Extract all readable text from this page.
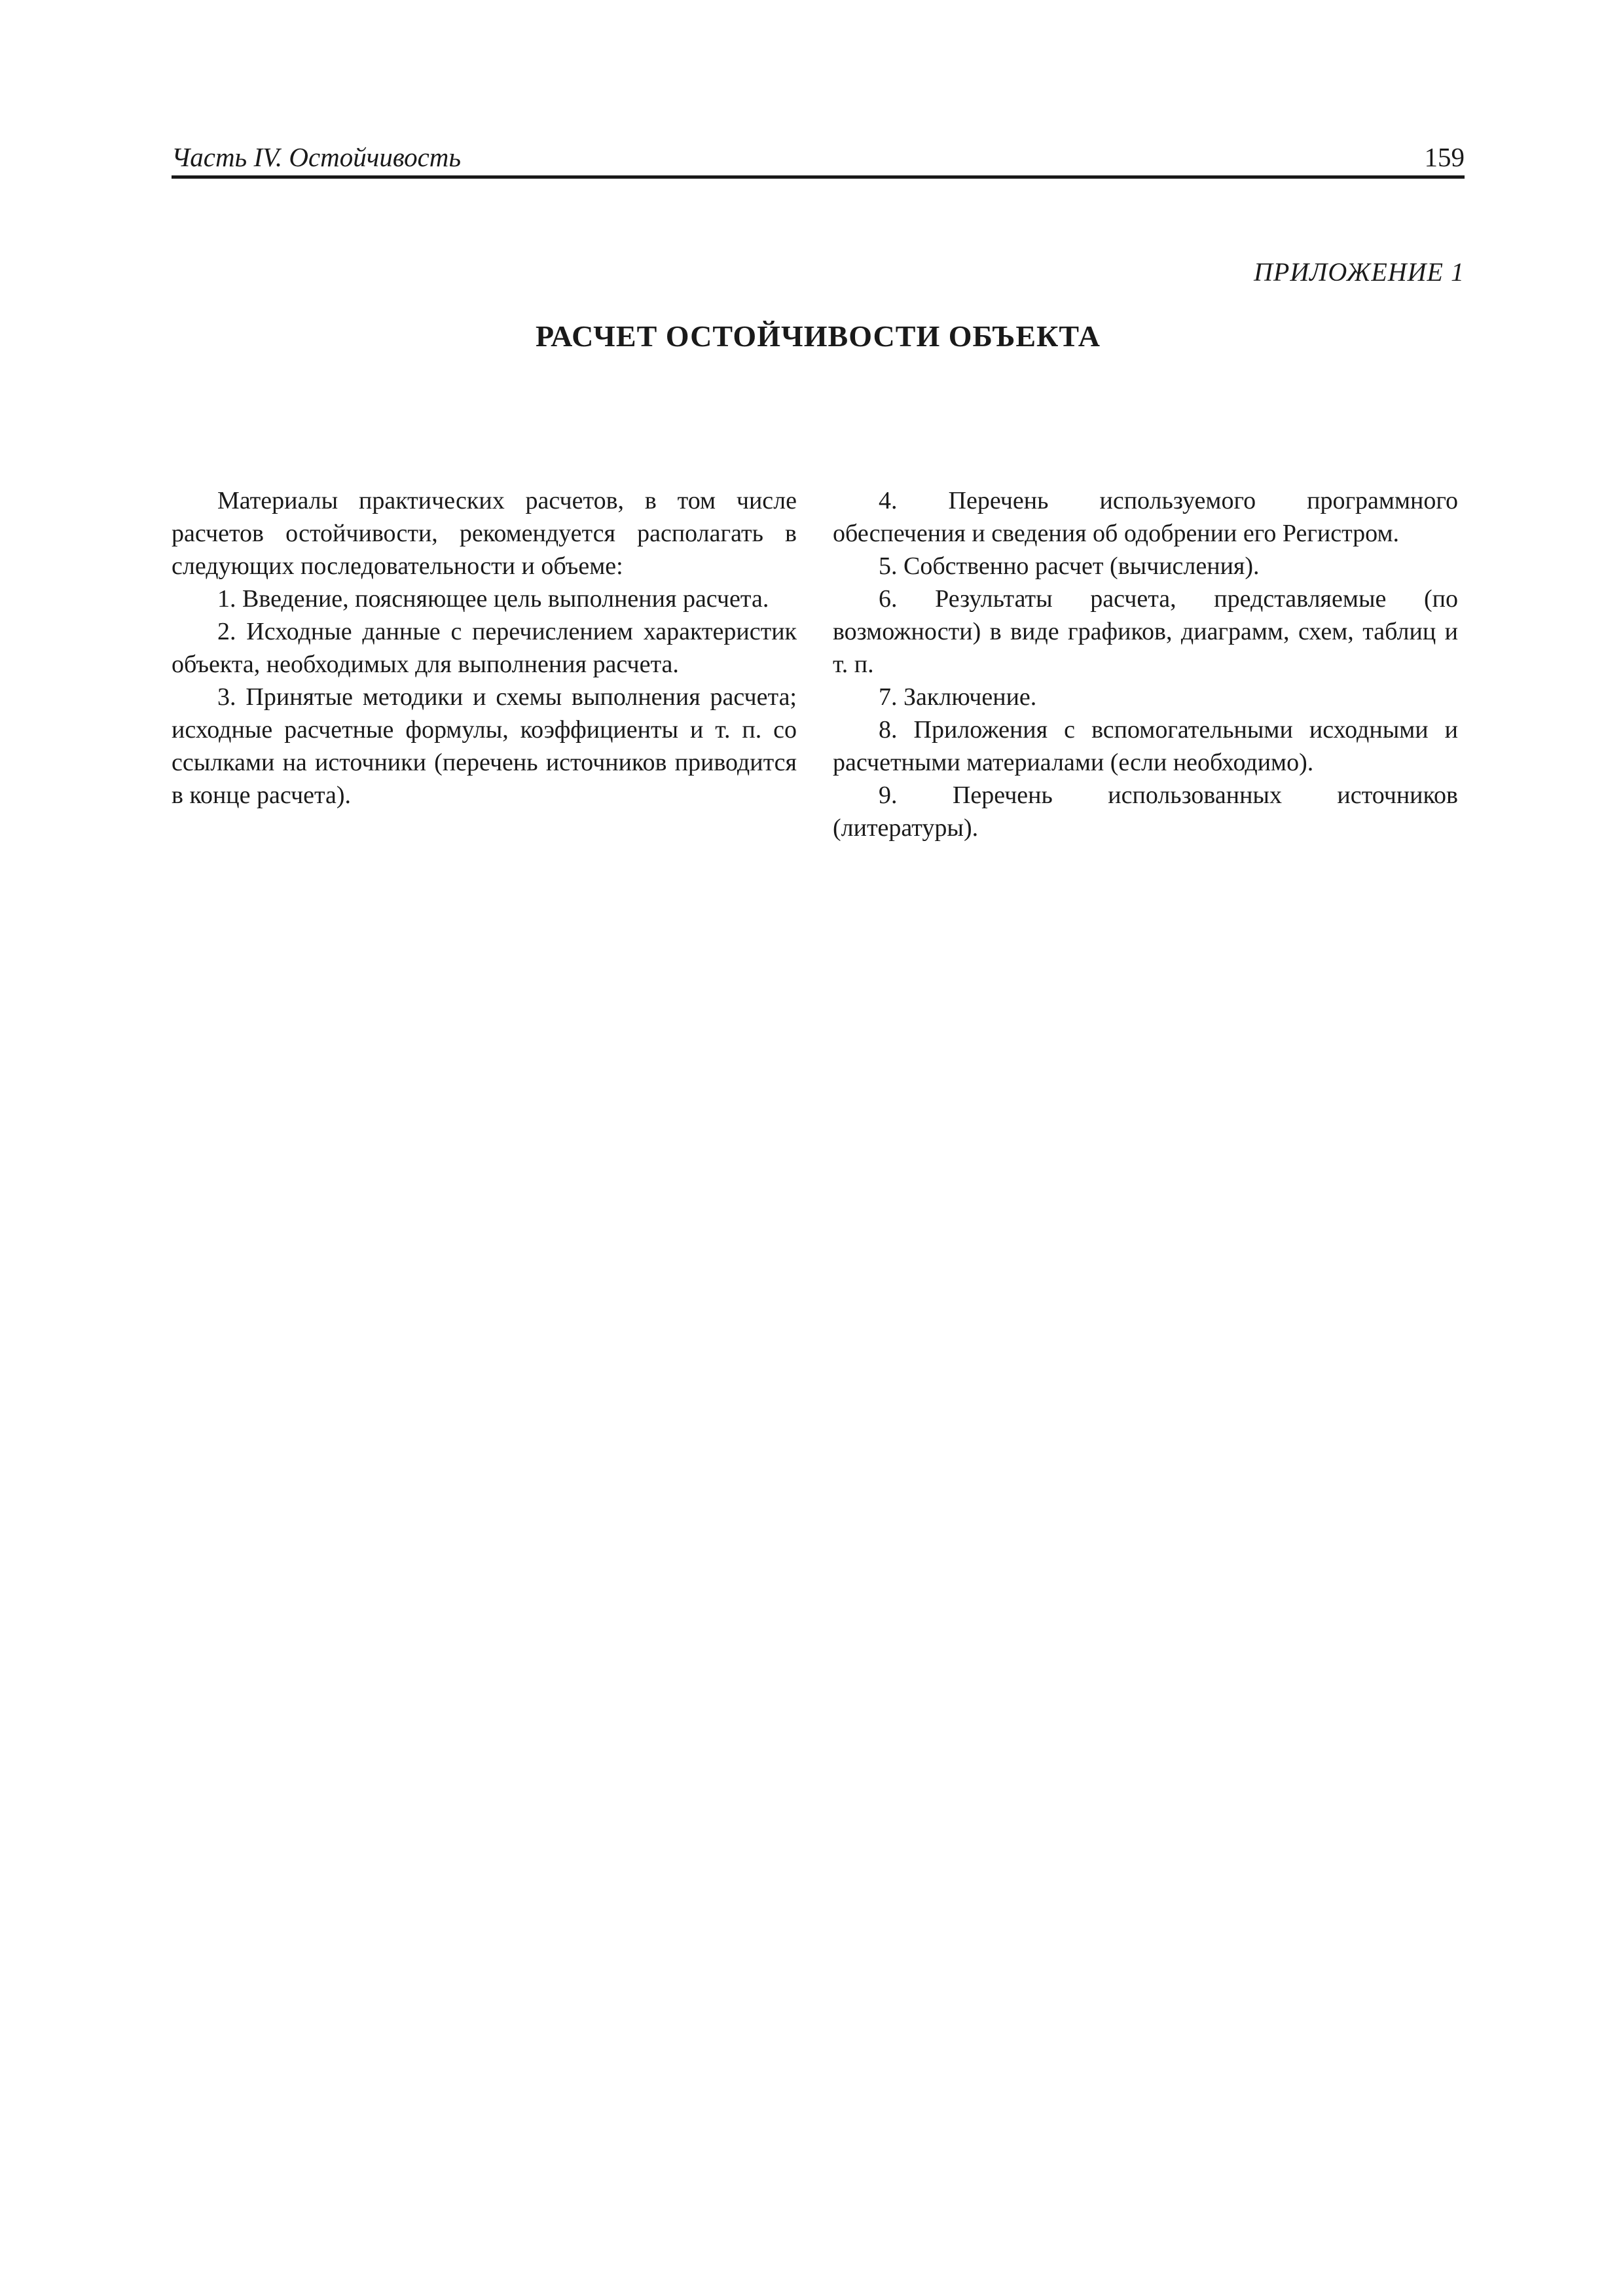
Часть IV. Остойчивость	159
ПРИЛОЖЕНИЕ 1
РАСЧЕТ ОСТОЙЧИВОСТИ ОБЪЕКТА

Материалы практических расчетов, в том числе расчетов остойчивости, рекомендуется располагать в следующих последовательности и объеме:

1. Введение, поясняющее цель выполнения расчета.

2. Исходные данные с перечислением характеристик объекта, необходимых для выполнения расчета.

3. Принятые методики и схемы выполнения расчета; исходные расчетные формулы, коэффициенты и т. п. со ссылками на источники (перечень источников приводится в конце расчета).

4. Перечень используемого программного обеспечения и сведения об одобрении его Регистром.

5. Собственно расчет (вычисления).

6. Результаты расчета, представляемые (по возможности) в виде графиков, диаграмм, схем, таблиц и т. п.

7. Заключение.

8. Приложения с вспомогательными исходными и расчетными материалами (если необходимо).

9. Перечень использованных источников (литературы).
